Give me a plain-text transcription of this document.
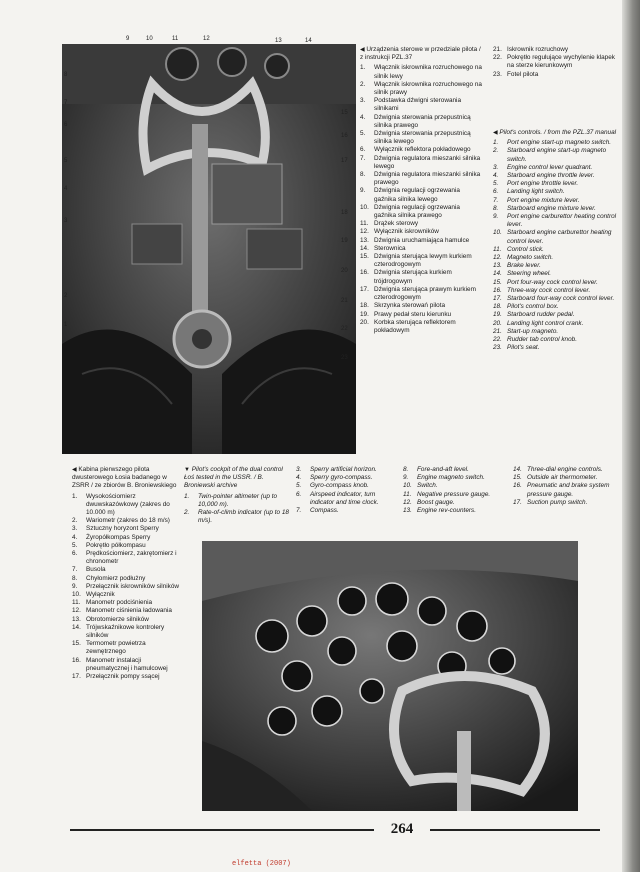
9	10	11	12	13	14
8
7
6
5
4
3
2
1
15
16
17
18
19
20
21
22
23
◀ Urządzenia sterowe w przedziale pilota / z instrukcji PZL.37
1.	Włącznik iskrownika rozruchowego na silnik lewy
2.	Włącznik iskrownika rozruchowego na silnik prawy
3.	Podstawka dźwigni sterowania silnikami
4.	Dźwignia sterowania przepustnicą silnika prawego
5.	Dźwignia sterowania przepustnicą silnika lewego
6.	Wyłącznik reflektora pokładowego
7.	Dźwignia regulatora mieszanki silnika lewego
8.	Dźwignia regulatora mieszanki silnika prawego
9.	Dźwignia regulacji ogrzewania gaźnika silnika lewego
10. Dźwignia regulacji ogrzewania gaźnika silnika prawego
11. Drążek sterowy
12. Wyłącznik iskrowników
13. Dźwignia uruchamiająca hamulce
14. Sterownica
15. Dźwignia sterująca lewym kurkiem czterodrogowym
16. Dźwignia sterująca kurkiem trójdrogowym
17. Dźwignia sterująca prawym kurkiem czterodrogowym
18. Skrzynka sterowań pilota
19. Prawy pedał steru kierunku
20. Korbka sterująca reflektorem pokładowym
21. Iskrownik rozruchowy
22. Pokrętło regulujące wychylenie klapek na sterze kierunkowym
23. Fotel pilota
◀ Pilot's controls. / from the PZL.37 manual
1.	Port engine start-up magneto switch.
2.	Starboard engine start-up magneto switch.
3.	Engine control lever quadrant.
4.	Starboard engine throttle lever.
5.	Port engine throttle lever.
6.	Landing light switch.
7.	Port engine mixture lever.
8.	Starboard engine mixture lever.
9.	Port engine carburettor heating control lever.
10. Starboard engine carburettor heating control lever.
11. Control stick.
12. Magneto switch.
13. Brake lever.
14. Steering wheel.
15. Port four-way cock control lever.
16. Three-way cock control lever.
17. Starboard four-way cock control lever.
18. Pilot's control box.
19. Starboard rudder pedal.
20. Landing light control crank.
21. Start-up magneto.
22. Rudder tab control knob.
23. Pilot's seat.
◀ Kabina pierwszego pilota dwusterowego Łosia badanego w ZSRR / ze zbiorów B. Broniewskiego
1.	Wysokościomierz dwuwskazówkowy (zakres do 10.000 m)
2.	Wariometr (zakres do 18 m/s)
3.	Sztuczny horyzont Sperry
4.	Żyropółkompas Sperry
5.	Pokrętło półkompasu
6.	Prędkościomierz, zakrętomierz i chronometr
7.	Busola
8.	Chyłomierz podłużny
9.	Przełącznik iskrowników silników
10. Wyłącznik
11. Manometr podciśnienia
12. Manometr ciśnienia ładowania
13. Obrotomierze silników
14. Trójwskaźnikowe kontrolery silników
15. Termometr powietrza zewnętrznego
16. Manometr instalacji pneumatycznej i hamulcowej
17. Przełącznik pompy ssącej
▼ Pilot's cockpit of the dual control Łoś tested in the USSR. / B. Broniewski archive
1.	Twin-pointer altimeter (up to 10,000 m).
2.	Rate-of-climb indicator (up to 18 m/s).
3.	Sperry artificial horizon.
4.	Sperry gyro-compass.
5.	Gyro-compass knob.
6.	Airspeed indicator, turn indicator and time clock.
7.	Compass.
8.	Fore-and-aft level.
9.	Engine magneto switch.
10. Switch.
11. Negative pressure gauge.
12. Boost gauge.
13. Engine rev-counters.
14. Three-dial engine controls.
15. Outside air thermometer.
16. Pneumatic and brake system pressure gauge.
17. Suction pump switch.
264
elfetta (2007)
